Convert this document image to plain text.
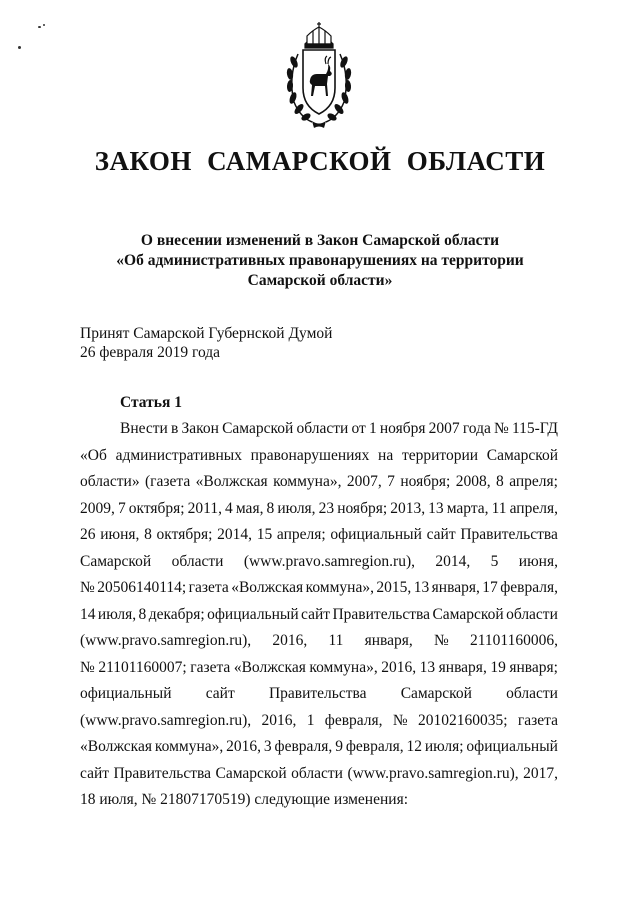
ЗАКОН САМАРСКОЙ ОБЛАСТИ
О внесении изменений в Закон Самарской области
«Об административных правонарушениях на территории
Самарской области»
Принят Самарской Губернской Думой
26 февраля 2019 года
Статья 1
Внести в Закон Самарской области от 1 ноября 2007 года № 115-ГД
«Об административных правонарушениях на территории Самарской
области» (газета «Волжская коммуна», 2007, 7 ноября; 2008, 8 апреля;
2009, 7 октября; 2011, 4 мая, 8 июля, 23 ноября; 2013, 13 марта, 11 апреля,
26 июня, 8 октября; 2014, 15 апреля; официальный сайт Правительства
Самарской области (www.pravo.samregion.ru), 2014, 5 июня,
№ 20506140114; газета «Волжская коммуна», 2015, 13 января, 17 февраля,
14 июля, 8 декабря; официальный сайт Правительства Самарской области
(www.pravo.samregion.ru), 2016, 11 января, № 21101160006,
№ 21101160007; газета «Волжская коммуна», 2016, 13 января, 19 января;
официальный сайт Правительства Самарской области
(www.pravo.samregion.ru), 2016, 1 февраля, № 20102160035; газета
«Волжская коммуна», 2016, 3 февраля, 9 февраля, 12 июля; официальный
сайт Правительства Самарской области (www.pravo.samregion.ru), 2017,
18 июля, № 21807170519) следующие изменения:
